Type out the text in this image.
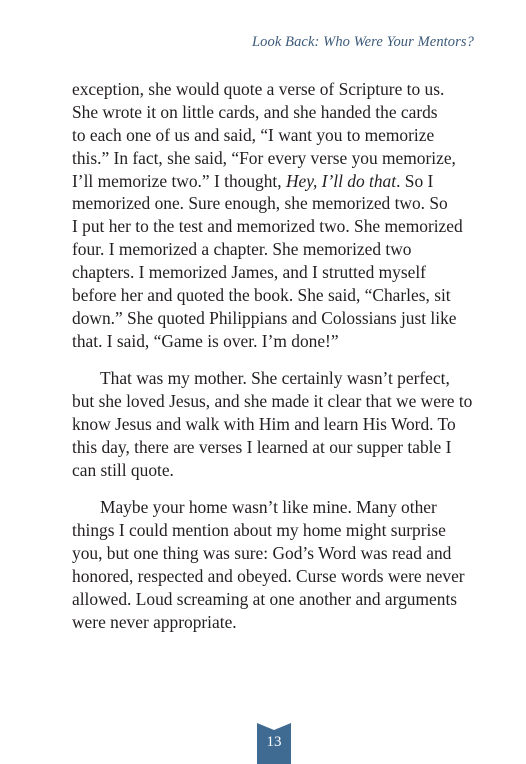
Look Back: Who Were Your Mentors?
exception, she would quote a verse of Scripture to us.
She wrote it on little cards, and she handed the cards
to each one of us and said, “I want you to memorize
this.” In fact, she said, “For every verse you memorize,
I’ll memorize two.” I thought, Hey, I’ll do that. So I
memorized one. Sure enough, she memorized two. So
I put her to the test and memorized two. She memorized
four. I memorized a chapter. She memorized two
chapters. I memorized James, and I strutted myself
before her and quoted the book. She said, “Charles, sit
down.” She quoted Philippians and Colossians just like
that. I said, “Game is over. I’m done!”
That was my mother. She certainly wasn’t perfect,
but she loved Jesus, and she made it clear that we were to
know Jesus and walk with Him and learn His Word. To
this day, there are verses I learned at our supper table I
can still quote.
Maybe your home wasn’t like mine. Many other
things I could mention about my home might surprise
you, but one thing was sure: God’s Word was read and
honored, respected and obeyed. Curse words were never
allowed. Loud screaming at one another and arguments
were never appropriate.
13
